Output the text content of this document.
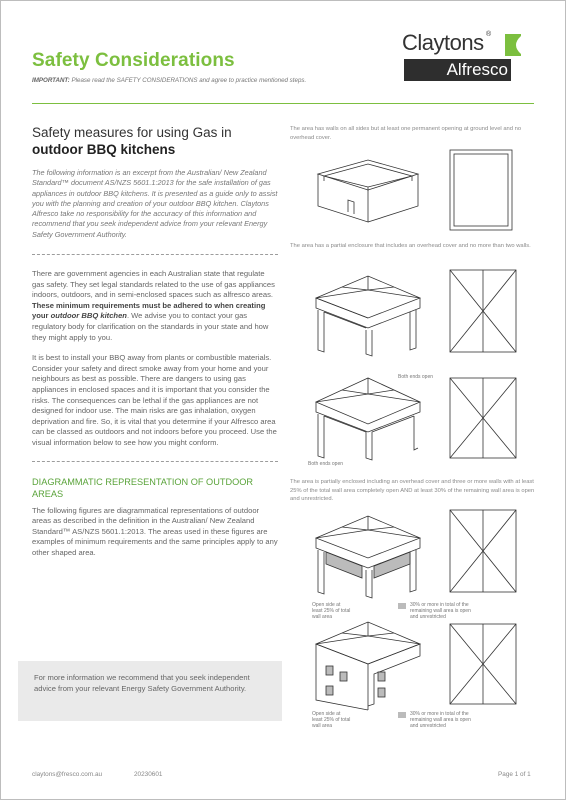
Safety Considerations
IMPORTANT: Please read the SAFETY CONSIDERATIONS and agree to practice mentioned steps.
Claytons ®
Alfresco
Safety measures for using Gas in
outdoor BBQ kitchens
The following information is an excerpt from the Australian/ New Zealand Standard™ document AS/NZS 5601.1:2013 for the safe installation of gas appliances in outdoor BBQ kitchens. It is presented as a guide only to assist you with the planning and creation of your outdoor BBQ kitchen. Claytons Alfresco take no responsibility for the accuracy of this information and recommend that you seek independent advice from your relevant Energy Safety Government Authority.
There are government agencies in each Australian state that regulate gas safety. They set legal standards related to the use of gas appliances indoors, outdoors, and in semi-enclosed spaces such as alfresco areas. These minimum requirements must be adhered to when creating your outdoor BBQ kitchen. We advise you to contact your gas regulatory body for clarification on the standards in your state and how they might apply to you.
It is best to install your BBQ away from plants or combustible materials. Consider your safety and direct smoke away from your home and your neighbours as best as possible. There are dangers to using gas appliances in enclosed spaces and it is important that you consider the risks. The consequences can be lethal if the gas appliances are not designed for indoor use. The main risks are gas inhalation, oxygen deprivation and fire. So, it is vital that you determine if your Alfresco area can be classed as outdoors and not indoors before you proceed. Use the visual information below to see how you might conform.
DIAGRAMMATIC REPRESENTATION OF OUTDOOR AREAS
The following figures are diagrammatical representations of outdoor areas as described in the definition in the Australian/ New Zealand Standard™ AS/NZS 5601.1:2013. The areas used in these figures are examples of minimum requirements and the same principles apply to any other shaped area.
For more information we recommend that you seek independent advice from your relevant Energy Safety Government Authority.
The area has walls on all sides but at least one permanent opening at ground level and no overhead cover.
The area has a partial enclosure that includes an overhead cover and no more than two walls.
The area is partially enclosed including an overhead cover and three or more walls with at least 25% of the total wall area completely open AND at least 30% of the remaining wall area is open and unrestricted.
Both ends open
Both ends open
Open side at least 25% of total wall area
30% or more in total of the remaining wall area is open and unrestricted
Open side at least 25% of total wall area
30% or more in total of the remaining wall area is open and unrestricted
claytons@fresco.com.au	20230601	Page 1 of 1
